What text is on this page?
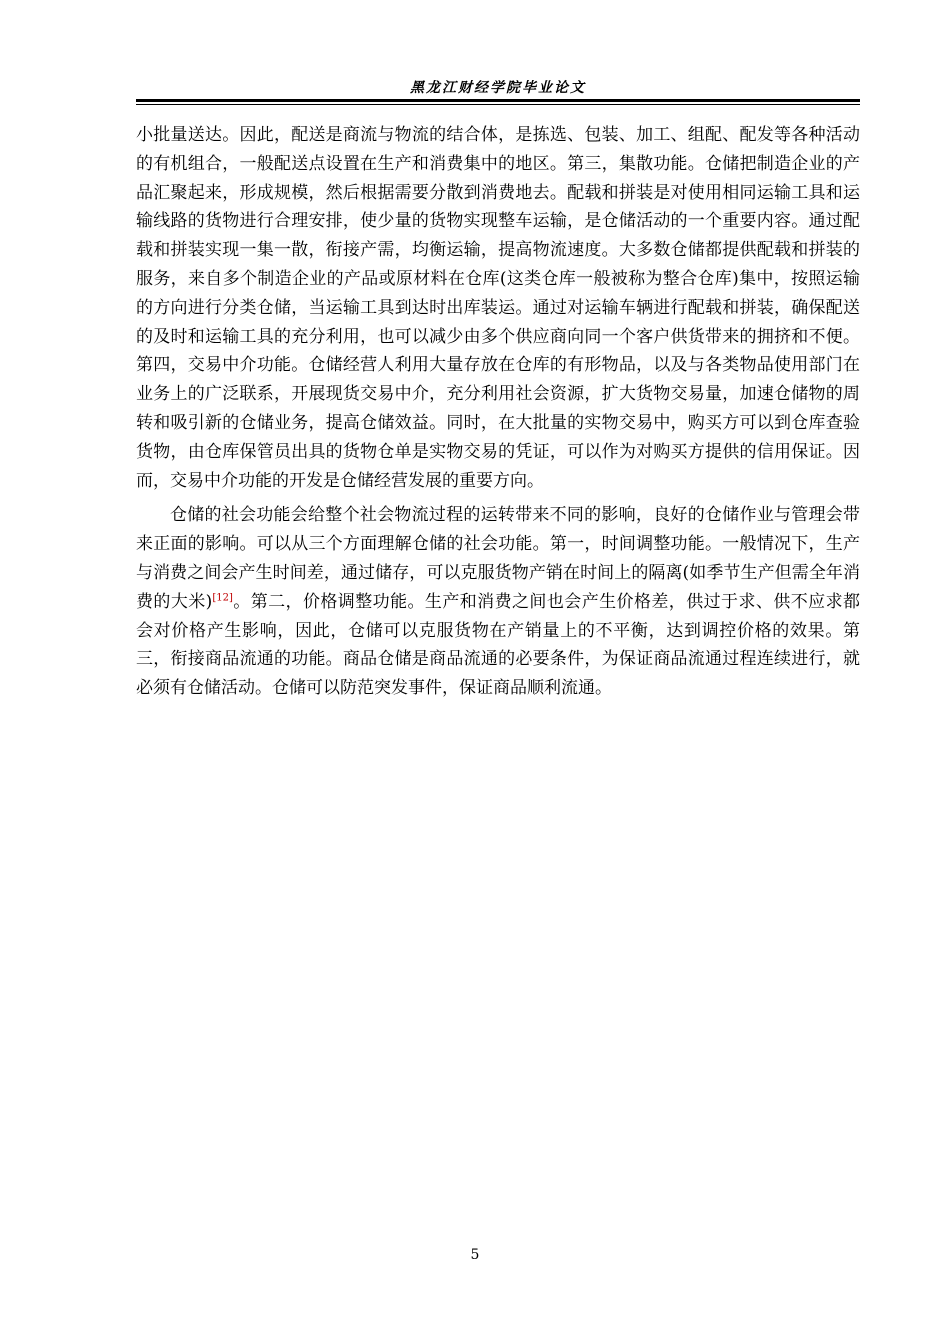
黑龙江财经学院毕业论文

小批量送达。因此，配送是商流与物流的结合体，是拣选、包装、加工、组配、配发等各种活动的有机组合，一般配送点设置在生产和消费集中的地区。第三，集散功能。仓储把制造企业的产品汇聚起来，形成规模，然后根据需要分散到消费地去。配载和拼装是对使用相同运输工具和运输线路的货物进行合理安排，使少量的货物实现整车运输，是仓储活动的一个重要内容。通过配载和拼装实现一集一散，衔接产需，均衡运输，提高物流速度。大多数仓储都提供配载和拼装的服务，来自多个制造企业的产品或原材料在仓库(这类仓库一般被称为整合仓库)集中，按照运输的方向进行分类仓储，当运输工具到达时出库装运。通过对运输车辆进行配载和拼装，确保配送的及时和运输工具的充分利用，也可以减少由多个供应商向同一个客户供货带来的拥挤和不便。第四，交易中介功能。仓储经营人利用大量存放在仓库的有形物品，以及与各类物品使用部门在业务上的广泛联系，开展现货交易中介，充分利用社会资源，扩大货物交易量，加速仓储物的周转和吸引新的仓储业务，提高仓储效益。同时，在大批量的实物交易中，购买方可以到仓库查验货物，由仓库保管员出具的货物仓单是实物交易的凭证，可以作为对购买方提供的信用保证。因而，交易中介功能的开发是仓储经营发展的重要方向。

仓储的社会功能会给整个社会物流过程的运转带来不同的影响，良好的仓储作业与管理会带来正面的影响。可以从三个方面理解仓储的社会功能。第一，时间调整功能。一般情况下，生产与消费之间会产生时间差，通过储存，可以克服货物产销在时间上的隔离(如季节生产但需全年消费的大米)[12]。第二，价格调整功能。生产和消费之间也会产生价格差，供过于求、供不应求都会对价格产生影响，因此，仓储可以克服货物在产销量上的不平衡，达到调控价格的效果。第三，衔接商品流通的功能。商品仓储是商品流通的必要条件，为保证商品流通过程连续进行，就必须有仓储活动。仓储可以防范突发事件，保证商品顺利流通。

5
